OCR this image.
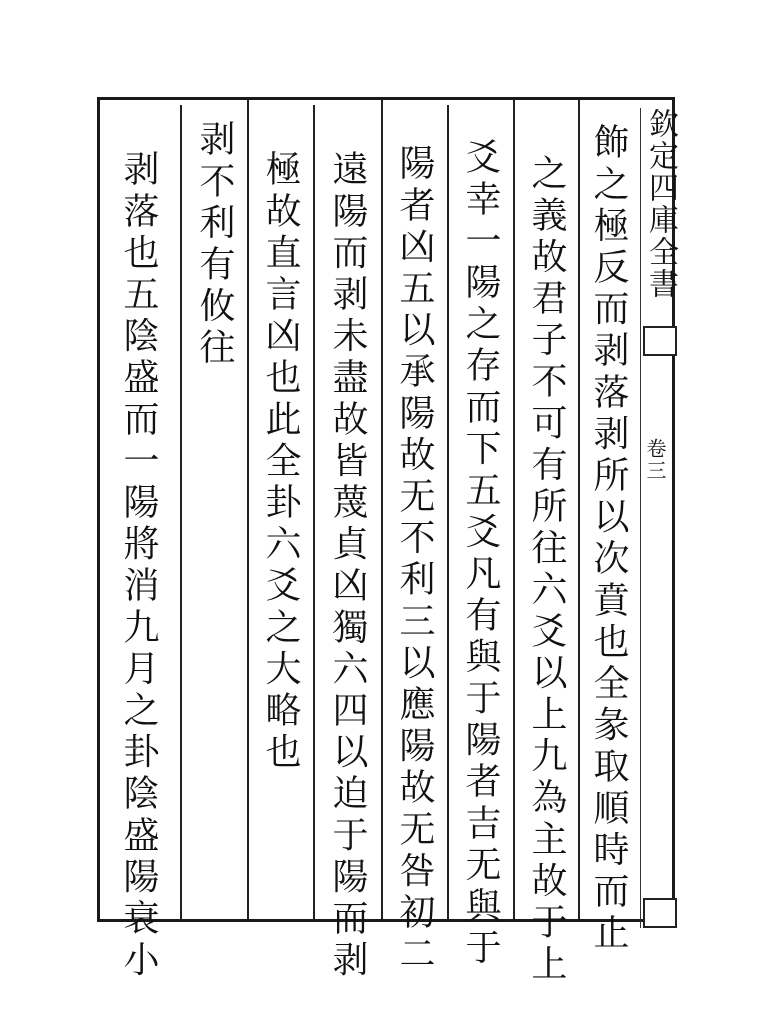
欽定四庫全書
卷三
飾之極反而剥落剥所以次賁也全彖取順時而止
之義故君子不可有所往六爻以上九為主故于上
爻幸一陽之存而下五爻凡有與于陽者吉无與于
陽者凶五以承陽故无不利三以應陽故无咎初二
遠陽而剥未盡故皆蔑貞凶獨六四以迫于陽而剥
極故直言凶也此全卦六爻之大略也
剥不利有攸往
剥落也五陰盛而一陽將消九月之卦陰盛陽衰小
